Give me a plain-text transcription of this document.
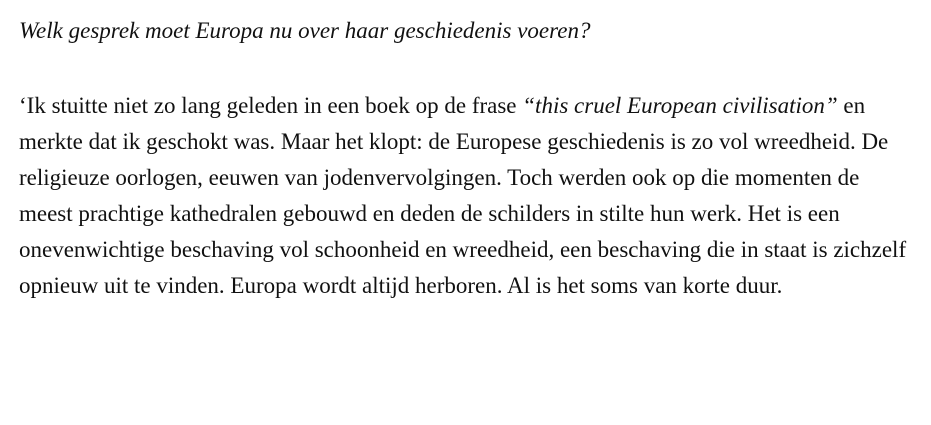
Welk gesprek moet Europa nu over haar geschiedenis voeren?

‘Ik stuitte niet zo lang geleden in een boek op de frase “this cruel European civilisation” en merkte dat ik geschokt was. Maar het klopt: de Europese geschiedenis is zo vol wreedheid. De religieuze oorlogen, eeuwen van jodenvervolgingen. Toch werden ook op die momenten de meest prachtige kathedralen gebouwd en deden de schilders in stilte hun werk. Het is een onevenwichtige beschaving vol schoonheid en wreedheid, een beschaving die in staat is zichzelf opnieuw uit te vinden. Europa wordt altijd herboren. Al is het soms van korte duur.
